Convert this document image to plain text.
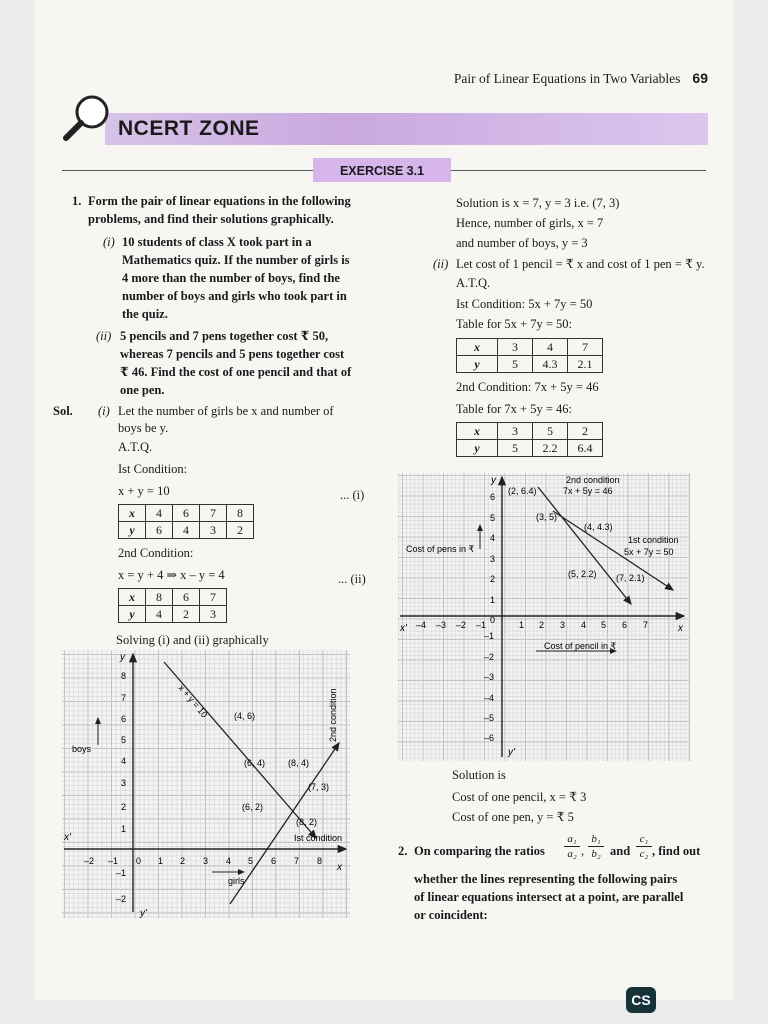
Pair of Linear Equations in Two Variables 69
NCERT ZONE
EXERCISE 3.1
1. Form the pair of linear equations in the following
problems, and find their solutions graphically.
(i) 10 students of class X took part in a
Mathematics quiz. If the number of girls is
4 more than the number of boys, find the
number of boys and girls who took part in
the quiz.
(ii) 5 pencils and 7 pens together cost ₹ 50,
whereas 7 pencils and 5 pens together cost
₹ 46. Find the cost of one pencil and that of
one pen.
Sol. (i) Let the number of girls be x and number of
boys be y.
A.T.Q.
Ist Condition:
x + y = 10	... (i)
x	4	6	7	8
y	6	4	3	2
2nd Condition:
x = y + 4 ⇒ x – y = 4	... (ii)
x	8	6	7
y	4	2	3
Solving (i) and (ii) graphically
boys
girls
x + y = 10	2nd condition
Ist condition
(4, 6)
(6, 4)	(8, 4)
(7, 3)
(6, 2)
(8, 2)
–2 –1 0 1 2 3 4 5 6 7 8
8
7
6
5
4
3
2
1
–1
–2
x
x'
y
y'
Solution is x = 7, y = 3 i.e. (7, 3)
Hence, number of girls, x = 7
and number of boys, y = 3
(ii) Let cost of 1 pencil = ₹ x and cost of 1 pen = ₹ y.
A.T.Q.
Ist Condition: 5x + 7y = 50
Table for 5x + 7y = 50:
x	3	4	7
y	5	4.3	2.1
2nd Condition: 7x + 5y = 46
Table for 7x + 5y = 46:
x	3	5	2
y	5	2.2	6.4
Cost of pens in ₹
Cost of pencil in ₹
2nd condition
7x + 5y = 46
1st condition
5x + 7y = 50
(2, 6.4)
(3, 5)
(4, 4.3)
(5, 2.2) (7, 2.1)
–4 –3 –2 –1 0	1 2 3 4 5 6 7
6
5
4
3
2
1
–1
–2
–3
–4
–5
–6
x
x'
y
y'
Solution is
Cost of one pencil, x = ₹ 3
Cost of one pen, y = ₹ 5
2. On comparing the ratios $\frac{\text{a₁}}{\text{a₂}}$ , $\frac{\text{b₁}}{\text{b₂}}$ and $\frac{\text{c₁}}{\text{c₂}}$ , find out
whether the lines representing the following pairs
of linear equations intersect at a point, are parallel
or coincident:
CS
